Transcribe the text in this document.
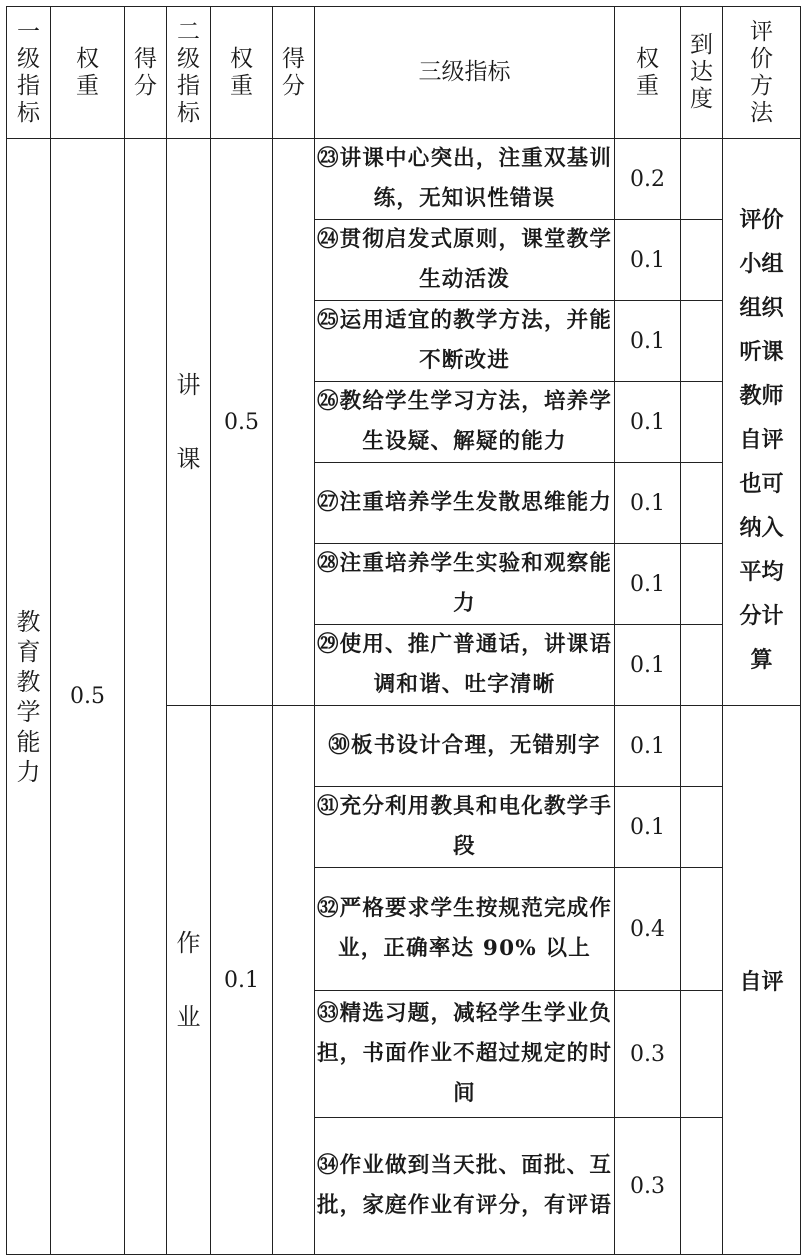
一级指标	权重	得分	二级指标	权重	得分	三级指标	权重	到达度	评价方法
教育教学能力	0.5		讲课	0.5		㉓讲课中心突出，注重双基训练，无知识性错误	0.2		评价小组组织听课教师自评也可纳入平均分计算
						㉔贯彻启发式原则，课堂教学生动活泼	0.1		
						㉕运用适宜的教学方法，并能不断改进	0.1		
						㉖教给学生学习方法，培养学生设疑、解疑的能力	0.1		
						㉗注重培养学生发散思维能力	0.1		
						㉘注重培养学生实验和观察能力	0.1		
						㉙使用、推广普通话，讲课语调和谐、吐字清晰	0.1		
			作业	0.1		㉚板书设计合理，无错别字	0.1		自评
						㉛充分利用教具和电化教学手段	0.1		
						㉜严格要求学生按规范完成作业，正确率达 90% 以上	0.4		
						㉝精选习题，减轻学生学业负担，书面作业不超过规定的时间	0.3		
						㉞作业做到当天批、面批、互批，家庭作业有评分，有评语	0.3		
